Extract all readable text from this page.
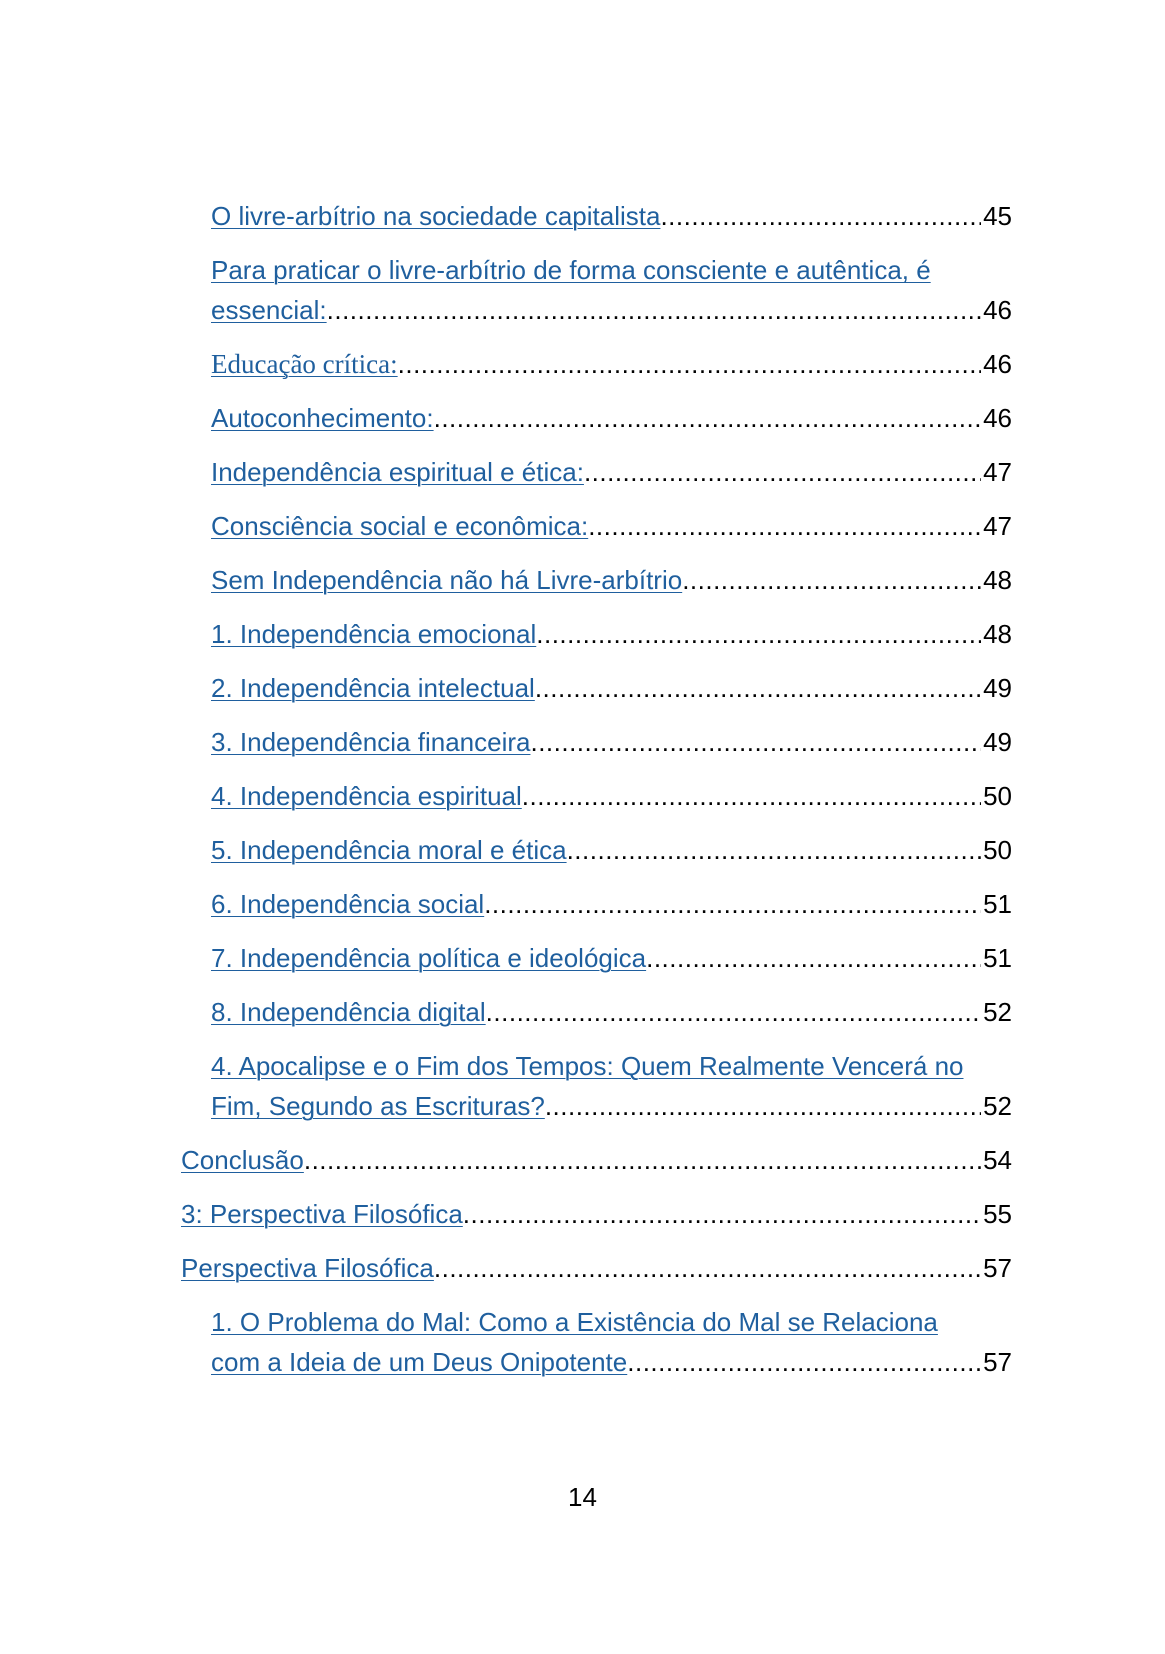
O livre-arbítrio na sociedade capitalista .....	45
Para praticar o livre-arbítrio de forma consciente e autêntica, é
essencial: .....	46
Educação crítica: .....	46
Autoconhecimento: .....	46
Independência espiritual e ética: .....	47
Consciência social e econômica: .....	47
Sem Independência não há Livre-arbítrio .....	48
1. Independência emocional .....	48
2. Independência intelectual .....	49
3. Independência financeira .....	49
4. Independência espiritual .....	50
5. Independência moral e ética .....	50
6. Independência social .....	51
7. Independência política e ideológica .....	51
8. Independência digital .....	52
4. Apocalipse e o Fim dos Tempos: Quem Realmente Vencerá no
Fim, Segundo as Escrituras? .....	52
Conclusão .....	54
3: Perspectiva Filosófica .....	55
Perspectiva Filosófica .....	57
1. O Problema do Mal: Como a Existência do Mal se Relaciona
com a Ideia de um Deus Onipotente .....	57
14
